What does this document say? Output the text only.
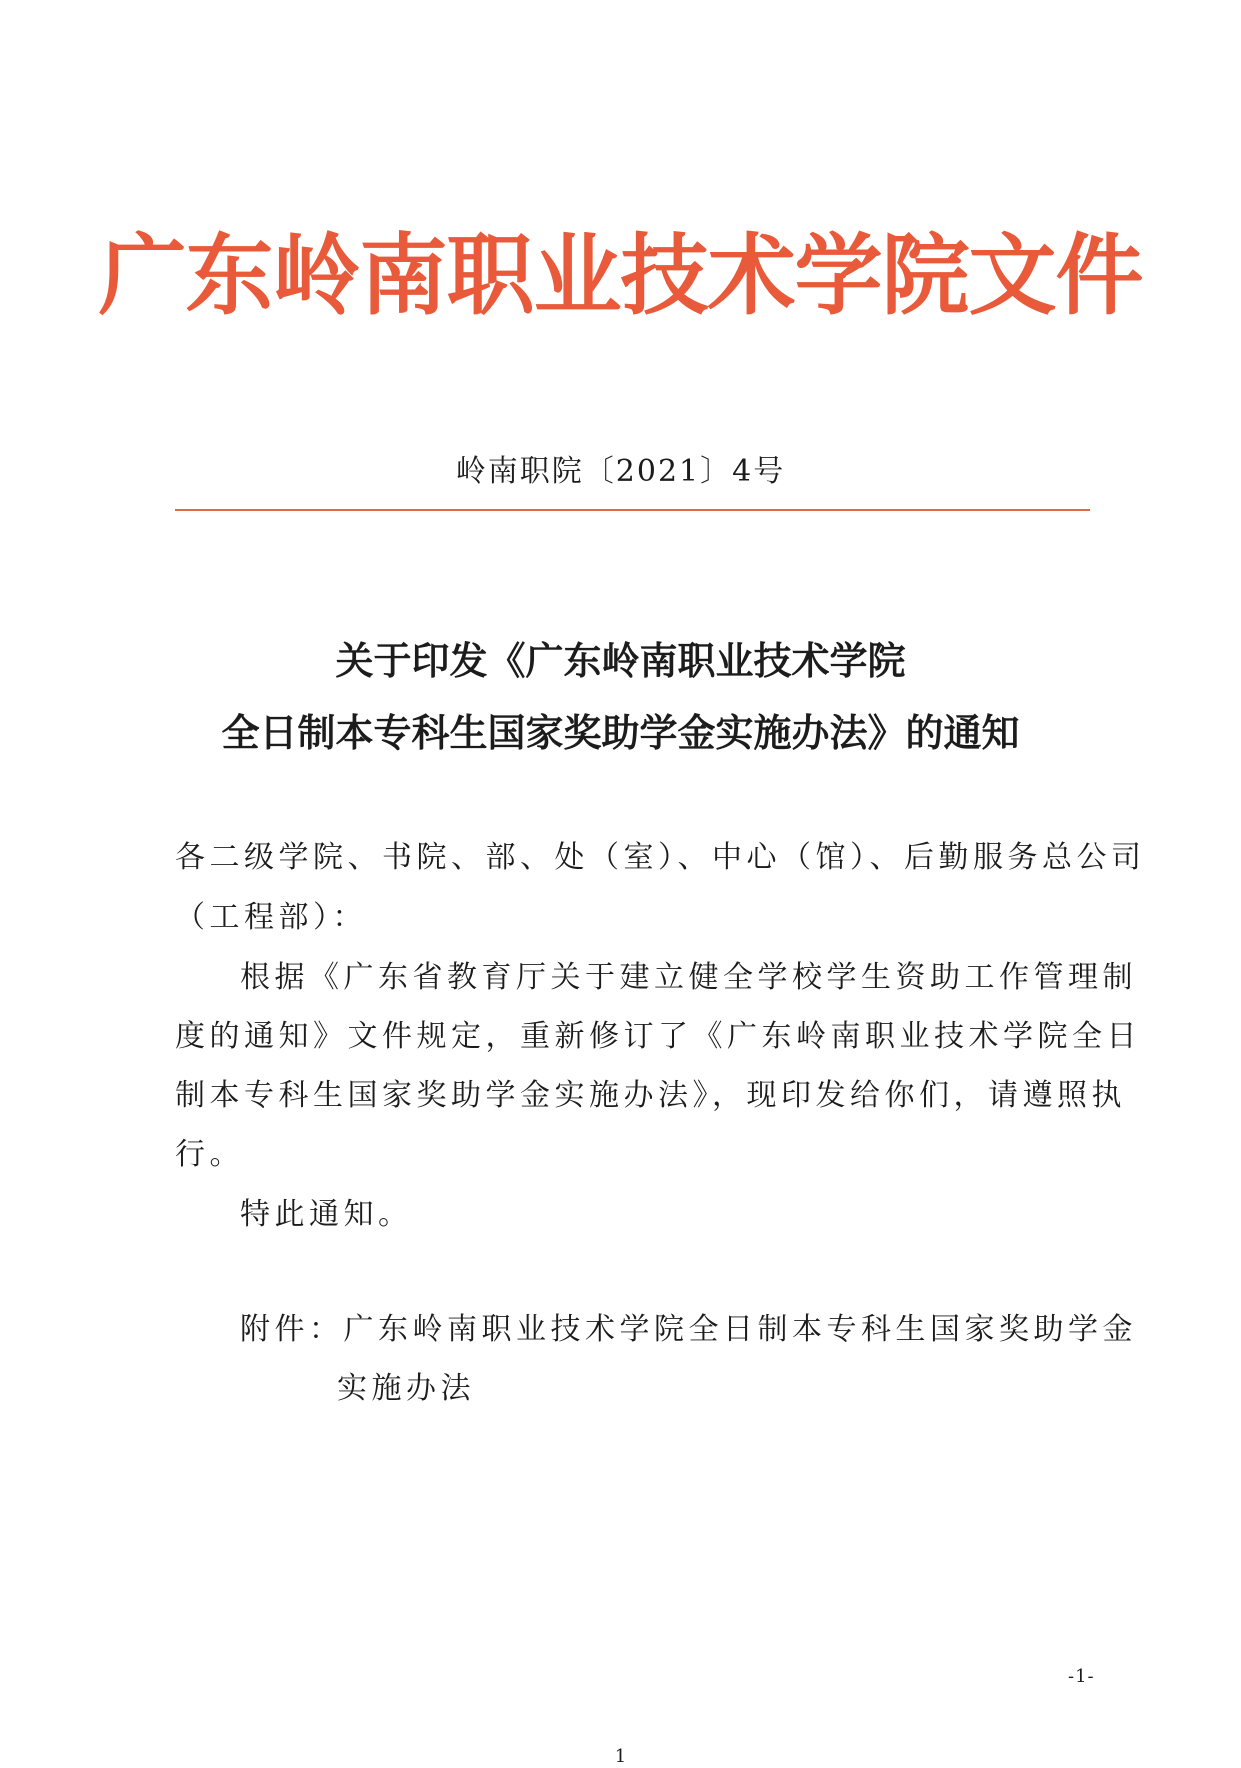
广东岭南职业技术学院文件
岭南职院〔2021〕4号
关于印发《广东岭南职业技术学院
全日制本专科生国家奖助学金实施办法》的通知
各二级学院、书院、部、处（室）、中心（馆）、后勤服务总公司
（工程部）：
根据《广东省教育厅关于建立健全学校学生资助工作管理制
度的通知》文件规定，重新修订了《广东岭南职业技术学院全日
制本专科生国家奖助学金实施办法》，现印发给你们，请遵照执
行。
特此通知。
附件：广东岭南职业技术学院全日制本专科生国家奖助学金
实施办法
-1-
1
